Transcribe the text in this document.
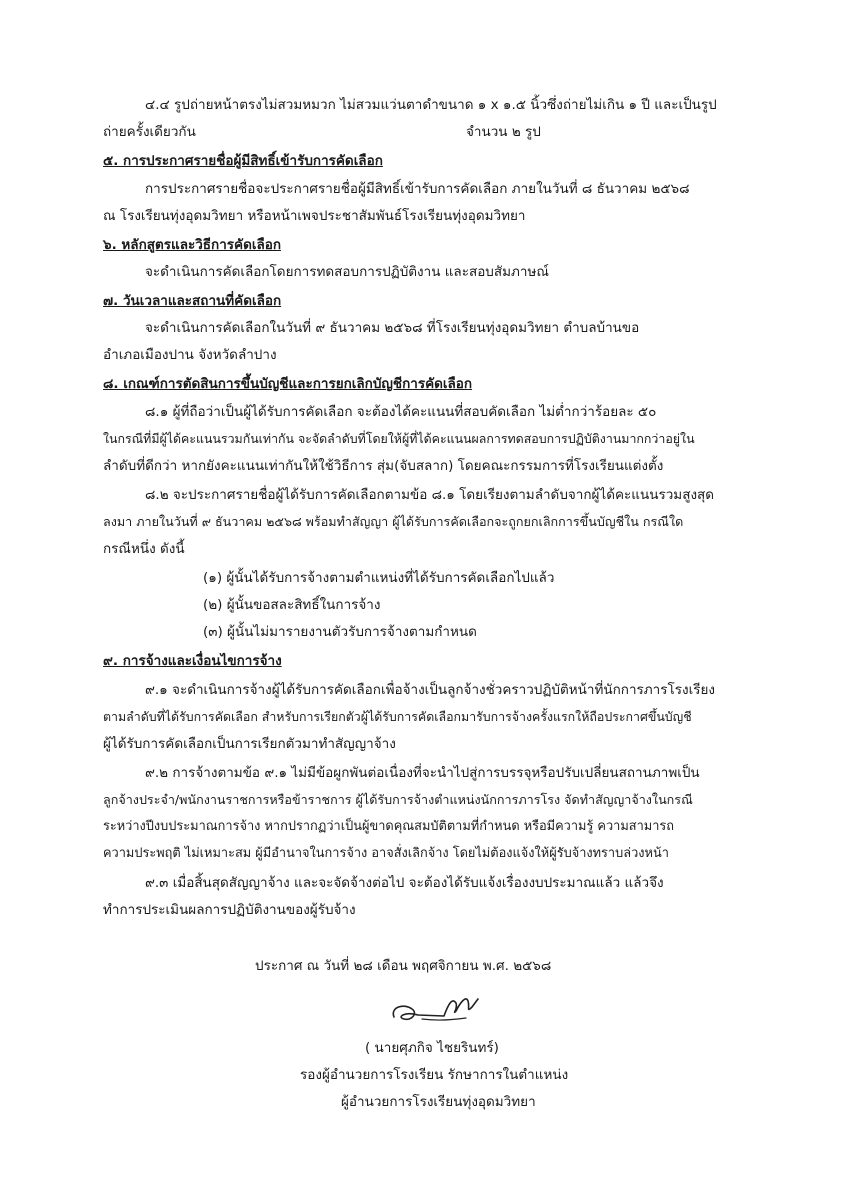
๔.๔ รูปถ่ายหน้าตรงไม่สวมหมวก ไม่สวมแว่นตาดำขนาด ๑ x ๑.๕ นิ้วซึ่งถ่ายไม่เกิน ๑ ปี และเป็นรูป
ถ่ายครั้งเดียวกัน	จำนวน ๒ รูป
๕. การประกาศรายชื่อผู้มีสิทธิ์เข้ารับการคัดเลือก
การประกาศรายชื่อจะประกาศรายชื่อผู้มีสิทธิ์เข้ารับการคัดเลือก ภายในวันที่ ๘ ธันวาคม ๒๕๖๘
ณ โรงเรียนทุ่งอุดมวิทยา หรือหน้าเพจประชาสัมพันธ์โรงเรียนทุ่งอุดมวิทยา
๖. หลักสูตรและวิธีการคัดเลือก
จะดำเนินการคัดเลือกโดยการทดสอบการปฏิบัติงาน และสอบสัมภาษณ์
๗. วันเวลาและสถานที่คัดเลือก
จะดำเนินการคัดเลือกในวันที่ ๙ ธันวาคม ๒๕๖๘ ที่โรงเรียนทุ่งอุดมวิทยา ตำบลบ้านขอ
อำเภอเมืองปาน จังหวัดลำปาง
๘. เกณฑ์การตัดสินการขึ้นบัญชีและการยกเลิกบัญชีการคัดเลือก
๘.๑ ผู้ที่ถือว่าเป็นผู้ได้รับการคัดเลือก จะต้องได้คะแนนที่สอบคัดเลือก ไม่ต่ำกว่าร้อยละ ๕๐
ในกรณีที่มีผู้ได้คะแนนรวมกันเท่ากัน จะจัดลำดับที่โดยให้ผู้ที่ได้คะแนนผลการทดสอบการปฏิบัติงานมากกว่าอยู่ใน
ลำดับที่ดีกว่า หากยังคะแนนเท่ากันให้ใช้วิธีการ สุ่ม(จับสลาก) โดยคณะกรรมการที่โรงเรียนแต่งตั้ง
๘.๒ จะประกาศรายชื่อผู้ได้รับการคัดเลือกตามข้อ ๘.๑ โดยเรียงตามลำดับจากผู้ได้คะแนนรวมสูงสุด
ลงมา ภายในวันที่ ๙ ธันวาคม ๒๕๖๘ พร้อมทำสัญญา ผู้ได้รับการคัดเลือกจะถูกยกเลิกการขึ้นบัญชีใน กรณีใด
กรณีหนึ่ง ดังนี้
(๑) ผู้นั้นได้รับการจ้างตามตำแหน่งที่ได้รับการคัดเลือกไปแล้ว
(๒) ผู้นั้นขอสละสิทธิ์ในการจ้าง
(๓) ผู้นั้นไม่มารายงานตัวรับการจ้างตามกำหนด
๙. การจ้างและเงื่อนไขการจ้าง
๙.๑ จะดำเนินการจ้างผู้ได้รับการคัดเลือกเพื่อจ้างเป็นลูกจ้างชั่วคราวปฏิบัติหน้าที่นักการภารโรงเรียง
ตามลำดับที่ได้รับการคัดเลือก สำหรับการเรียกตัวผู้ได้รับการคัดเลือกมารับการจ้างครั้งแรกให้ถือประกาศขึ้นบัญชี
ผู้ได้รับการคัดเลือกเป็นการเรียกตัวมาทำสัญญาจ้าง
๙.๒ การจ้างตามข้อ ๙.๑ ไม่มีข้อผูกพันต่อเนื่องที่จะนำไปสู่การบรรจุหรือปรับเปลี่ยนสถานภาพเป็น
ลูกจ้างประจำ/พนักงานราชการหรือข้าราชการ ผู้ได้รับการจ้างตำแหน่งนักการภารโรง จัดทำสัญญาจ้างในกรณี
ระหว่างปีงบประมาณการจ้าง หากปรากฏว่าเป็นผู้ขาดคุณสมบัติตามที่กำหนด หรือมีความรู้ ความสามารถ
ความประพฤติ ไม่เหมาะสม ผู้มีอำนาจในการจ้าง อาจสั่งเลิกจ้าง โดยไม่ต้องแจ้งให้ผู้รับจ้างทราบล่วงหน้า
๙.๓ เมื่อสิ้นสุดสัญญาจ้าง และจะจัดจ้างต่อไป จะต้องได้รับแจ้งเรื่องงบประมาณแล้ว แล้วจึง
ทำการประเมินผลการปฏิบัติงานของผู้รับจ้าง
ประกาศ ณ วันที่ ๒๘ เดือน พฤศจิกายน พ.ศ. ๒๕๖๘
( นายศุภกิจ ไชยรินทร์)
รองผู้อำนวยการโรงเรียน รักษาการในตำแหน่ง
ผู้อำนวยการโรงเรียนทุ่งอุดมวิทยา
